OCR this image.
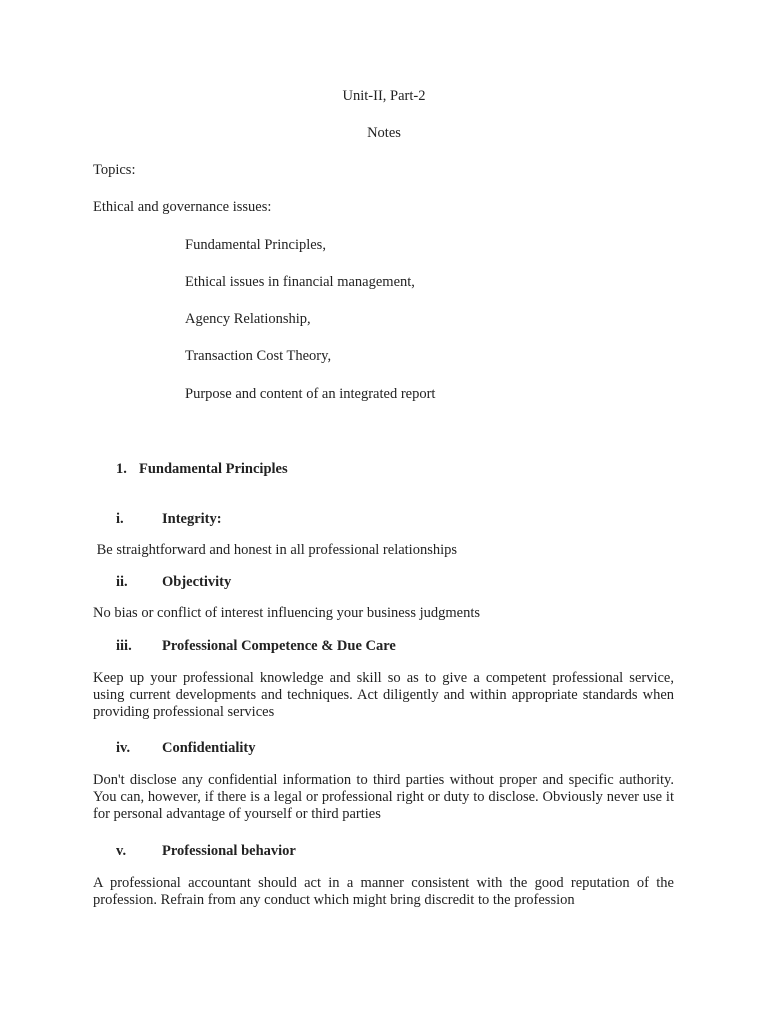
Unit-II, Part-2
Notes
Topics:
Ethical and governance issues:
Fundamental Principles,
Ethical issues in financial management,
Agency Relationship,
Transaction Cost Theory,
Purpose and content of an integrated report
1. Fundamental Principles
i.	Integrity:
Be straightforward and honest in all professional relationships
ii. Objectivity
No bias or conflict of interest influencing your business judgments
iii. Professional Competence & Due Care
Keep up your professional knowledge and skill so as to give a competent professional service, using current developments and techniques. Act diligently and within appropriate standards when providing professional services
iv. Confidentiality
Don't disclose any confidential information to third parties without proper and specific authority. You can, however, if there is a legal or professional right or duty to disclose. Obviously never use it for personal advantage of yourself or third parties
v. Professional behavior
A professional accountant should act in a manner consistent with the good reputation of the profession. Refrain from any conduct which might bring discredit to the profession
